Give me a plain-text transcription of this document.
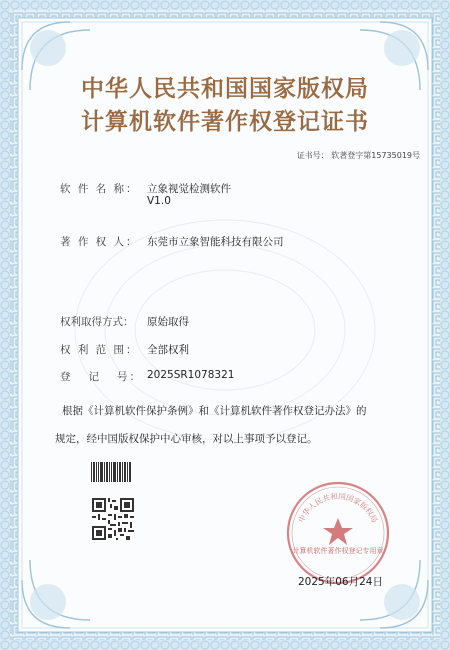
中华人民共和国国家版权局
计算机软件著作权登记证书
证书号： 软著登字第15735019号
软 件 名 称： 立象视觉检测软件
V1.0
著 作 权 人： 东莞市立象智能科技有限公司
权利取得方式： 原始取得
权 利 范 围： 全部权利
登   记   号： 2025SR1078321
根据《计算机软件保护条例》和《计算机软件著作权登记办法》的
规定，经中国版权保护中心审核，对以上事项予以登记。
中华人民共和国国家版权局
计算机软件著作权登记专用章
2025年06月24日
